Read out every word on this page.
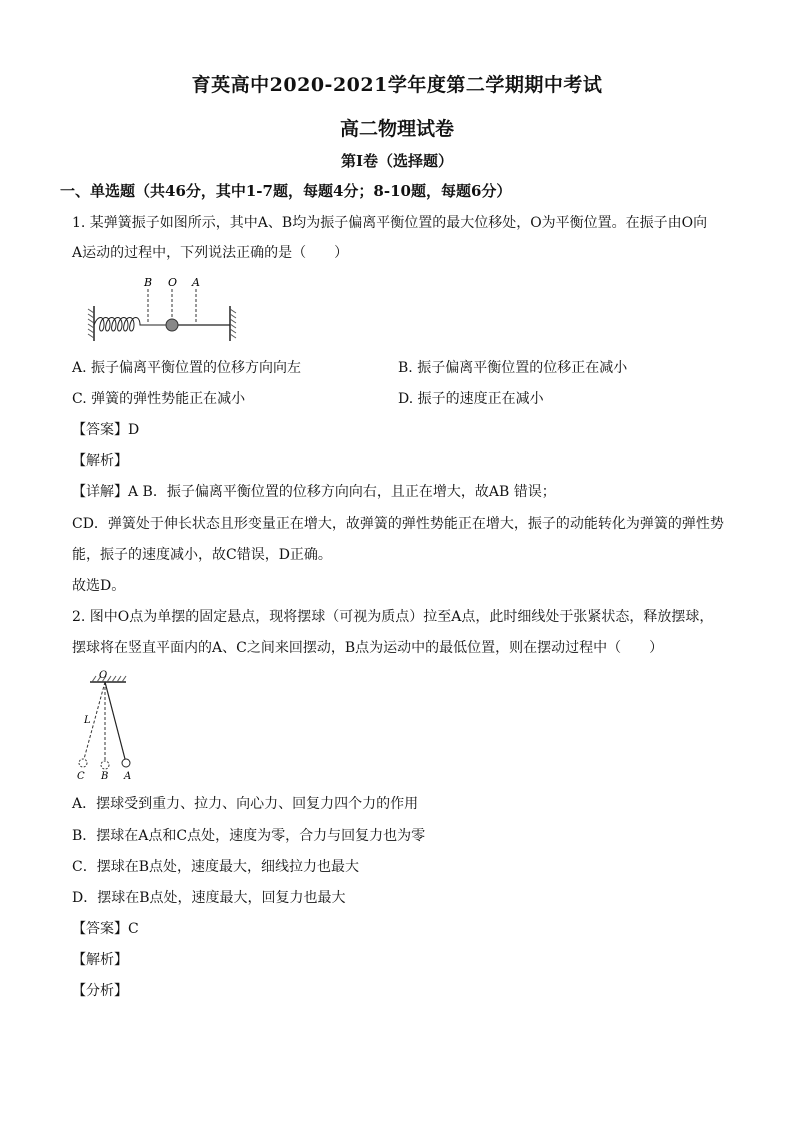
育英高中2020-2021学年度第二学期期中考试
高二物理试卷
第Ⅰ卷（选择题）
一、单选题（共46分，其中1-7题，每题4分；8-10题，每题6分）
1. 某弹簧振子如图所示，其中A、B均为振子偏离平衡位置的最大位移处，O为平衡位置。在振子由O向
A运动的过程中，下列说法正确的是（　　）
B O A
A. 振子偏离平衡位置的位移方向向左	B. 振子偏离平衡位置的位移正在减小
C. 弹簧的弹性势能正在减小	D. 振子的速度正在减小
【答案】D
【解析】
【详解】A B．振子偏离平衡位置的位移方向向右，且正在增大，故AB 错误；
CD．弹簧处于伸长状态且形变量正在增大，故弹簧的弹性势能正在增大，振子的动能转化为弹簧的弹性势
能，振子的速度减小，故C错误，D正确。
故选D。
2. 图中O点为单摆的固定悬点，现将摆球（可视为质点）拉至A点，此时细线处于张紧状态，释放摆球，
摆球将在竖直平面内的A、C之间来回摆动，B点为运动中的最低位置，则在摆动过程中（　　）
O
L
C B A
A．摆球受到重力、拉力、向心力、回复力四个力的作用
B．摆球在A点和C点处，速度为零，合力与回复力也为零
C．摆球在B点处，速度最大，细线拉力也最大
D．摆球在B点处，速度最大，回复力也最大
【答案】C
【解析】
【分析】
